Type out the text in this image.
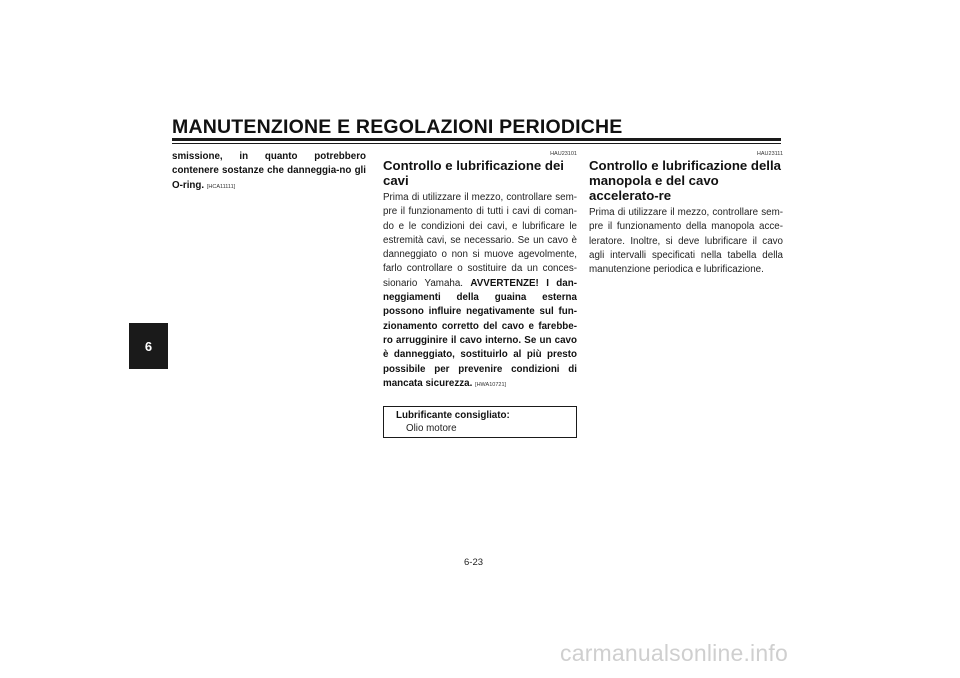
MANUTENZIONE E REGOLAZIONI PERIODICHE
6

smissione, in quanto potrebbero contenere sostanze che danneggia-no gli O-ring. [HCA11111]

HAU23101
Controllo e lubrificazione dei cavi

Prima di utilizzare il mezzo, controllare sem-pre il funzionamento di tutti i cavi di coman-do e le condizioni dei cavi, e lubrificare le estremità cavi, se necessario. Se un cavo è danneggiato o non si muove agevolmente, farlo controllare o sostituire da un conces-sionario Yamaha. AVVERTENZE! I dan-neggiamenti della guaina esterna possono influire negativamente sul fun-zionamento corretto del cavo e farebbe-ro arrugginire il cavo interno. Se un cavo è danneggiato, sostituirlo al più presto possibile per prevenire condizioni di mancata sicurezza. [HWA10721]

Lubrificante consigliato:
Olio motore
HAU23111
Controllo e lubrificazione della manopola e del cavo accelerato-re

Prima di utilizzare il mezzo, controllare sem-pre il funzionamento della manopola acce-leratore. Inoltre, si deve lubrificare il cavo agli intervalli specificati nella tabella della manutenzione periodica e lubrificazione.

6-23
carmanualsonline.info
